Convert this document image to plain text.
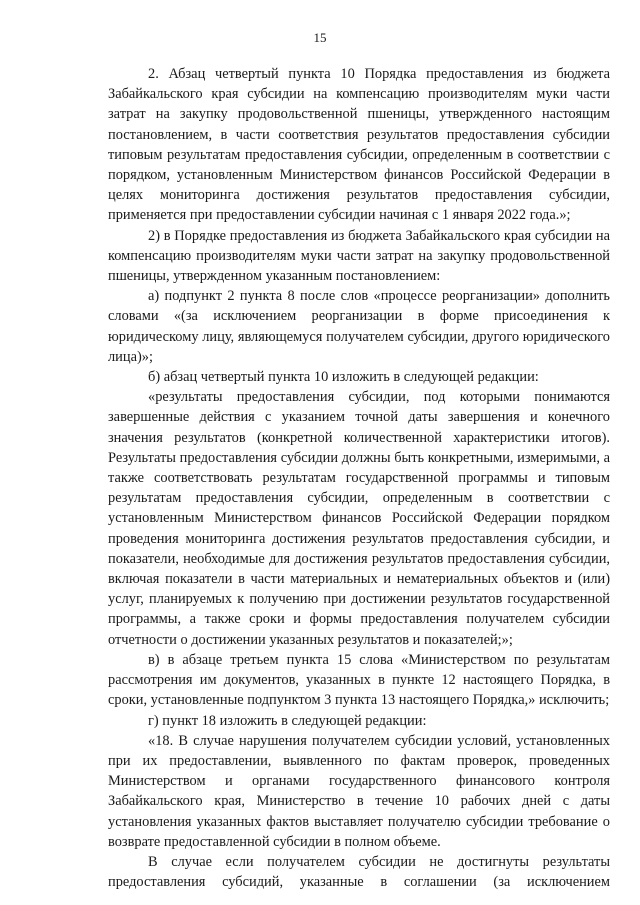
15

2. Абзац четвертый пункта 10 Порядка предоставления из бюджета Забайкальского края субсидии на компенсацию производителям муки части затрат на закупку продовольственной пшеницы, утвержденного настоящим постановлением, в части соответствия результатов предоставления субсидии типовым результатам предоставления субсидии, определенным в соответствии с порядком, установленным Министерством финансов Российской Федерации в целях мониторинга достижения результатов предоставления субсидии, применяется при предоставлении субсидии начиная с 1 января 2022 года.»;

2) в Порядке предоставления из бюджета Забайкальского края субсидии на компенсацию производителям муки части затрат на закупку продовольственной пшеницы, утвержденном указанным постановлением:

а) подпункт 2 пункта 8 после слов «процессе реорганизации» дополнить словами «(за исключением реорганизации в форме присоединения к юридическому лицу, являющемуся получателем субсидии, другого юридического лица)»;

б) абзац четвертый пункта 10 изложить в следующей редакции:

«результаты предоставления субсидии, под которыми понимаются завершенные действия с указанием точной даты завершения и конечного значения результатов (конкретной количественной характеристики итогов). Результаты предоставления субсидии должны быть конкретными, измеримыми, а также соответствовать результатам государственной программы и типовым результатам предоставления субсидии, определенным в соответствии с установленным Министерством финансов Российской Федерации порядком проведения мониторинга достижения результатов предоставления субсидии, и показатели, необходимые для достижения результатов предоставления субсидии, включая показатели в части материальных и нематериальных объектов и (или) услуг, планируемых к получению при достижении результатов государственной программы, а также сроки и формы предоставления получателем субсидии отчетности о достижении указанных результатов и показателей;»;

в) в абзаце третьем пункта 15 слова «Министерством по результатам рассмотрения им документов, указанных в пункте 12 настоящего Порядка, в сроки, установленные подпунктом 3 пункта 13 настоящего Порядка,» исключить;

г) пункт 18 изложить в следующей редакции:

«18. В случае нарушения получателем субсидии условий, установленных при их предоставлении, выявленного по фактам проверок, проведенных Министерством и органами государственного финансового контроля Забайкальского края, Министерство в течение 10 рабочих дней с даты установления указанных фактов выставляет получателю субсидии требование о возврате предоставленной субсидии в полном объеме.

В случае если получателем субсидии не достигнуты результаты предоставления субсидий, указанные в соглашении (за исключением
